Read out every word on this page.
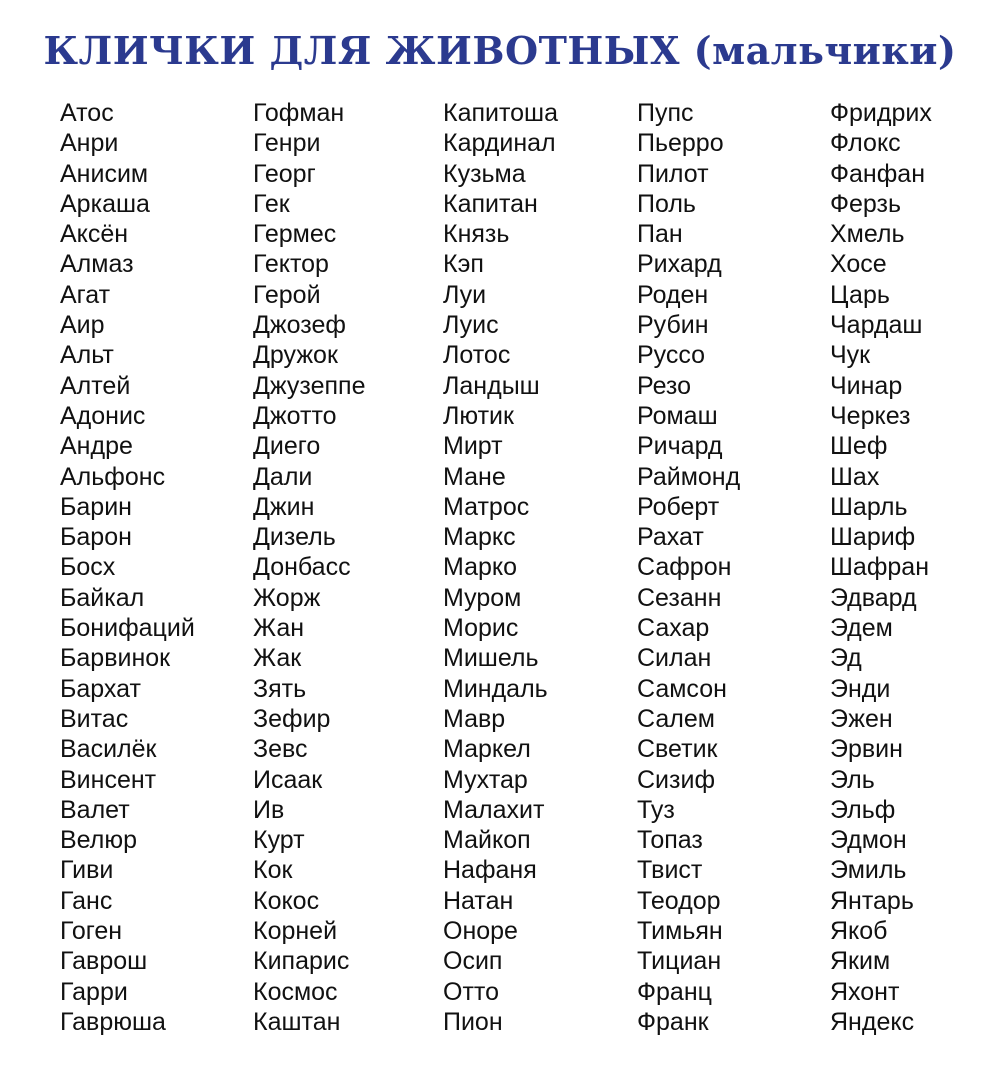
КЛИЧКИ ДЛЯ ЖИВОТНЫХ (мальчики)
Атос
Анри
Анисим
Аркаша
Аксён
Алмаз
Агат
Аир
Альт
Алтей
Адонис
Андре
Альфонс
Барин
Барон
Босх
Байкал
Бонифаций
Барвинок
Бархат
Витас
Василёк
Винсент
Валет
Велюр
Гиви
Ганс
Гоген
Гаврош
Гарри
Гаврюша
Гофман
Генри
Георг
Гек
Гермес
Гектор
Герой
Джозеф
Дружок
Джузеппе
Джотто
Диего
Дали
Джин
Дизель
Донбасс
Жорж
Жан
Жак
Зять
Зефир
Зевс
Исаак
Ив
Курт
Кок
Кокос
Корней
Кипарис
Космос
Каштан
Капитоша
Кардинал
Кузьма
Капитан
Князь
Кэп
Луи
Луис
Лотос
Ландыш
Лютик
Мирт
Мане
Матрос
Маркс
Марко
Муром
Морис
Мишель
Миндаль
Мавр
Маркел
Мухтар
Малахит
Майкоп
Нафаня
Натан
Оноре
Осип
Отто
Пион
Пупс
Пьерро
Пилот
Поль
Пан
Рихард
Роден
Рубин
Руссо
Резо
Ромаш
Ричард
Раймонд
Роберт
Рахат
Сафрон
Сезанн
Сахар
Силан
Самсон
Салем
Светик
Сизиф
Туз
Топаз
Твист
Теодор
Тимьян
Тициан
Франц
Франк
Фридрих
Флокс
Фанфан
Ферзь
Хмель
Хосе
Царь
Чардаш
Чук
Чинар
Черкез
Шеф
Шах
Шарль
Шариф
Шафран
Эдвард
Эдем
Эд
Энди
Эжен
Эрвин
Эль
Эльф
Эдмон
Эмиль
Янтарь
Якоб
Яким
Яхонт
Яндекс
